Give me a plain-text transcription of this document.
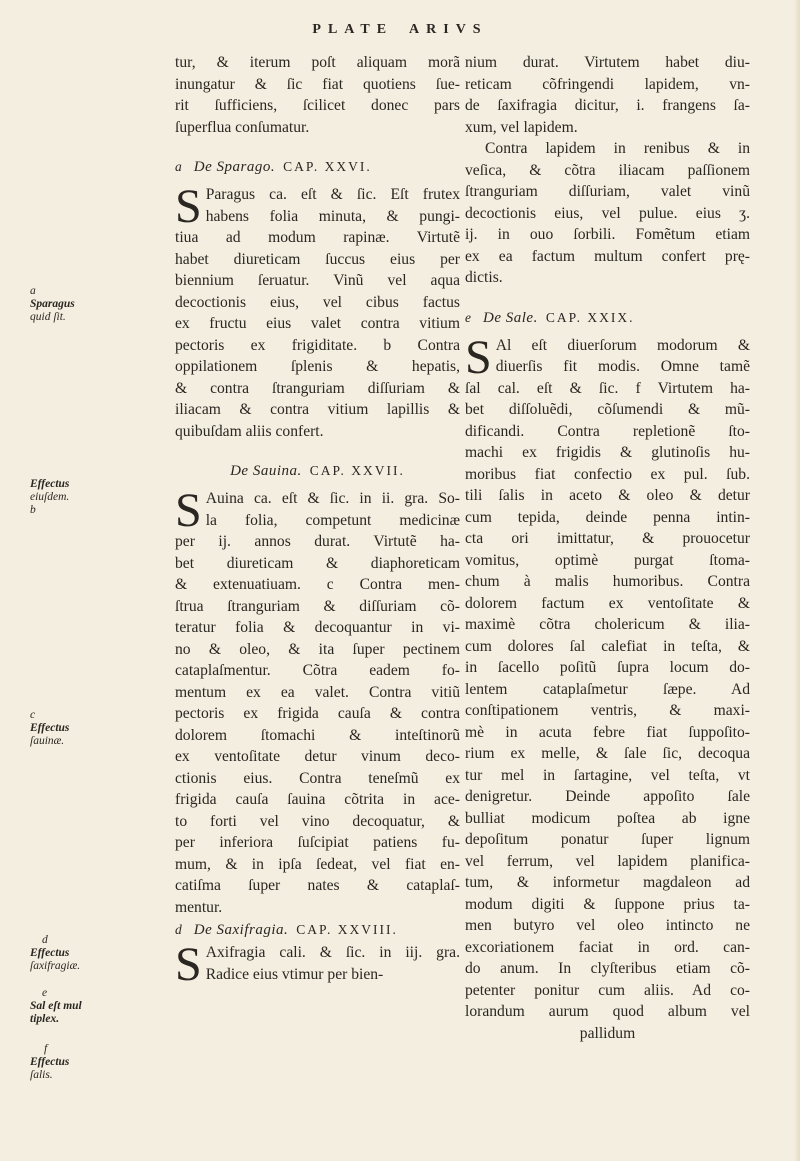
PLATE ARIVS
a
Sparagus
quid ſit.
Effectus
eiuſdem.
b
c
Effectus
ſauinæ.
d
Effectus
ſaxifragiæ.
e
Sal eſt mul
tiplex.
f
Effectus
ſalis.
tur, & iterum poſt aliquam morã
inungatur & ſic fiat quotiens ſue-
rit ſufficiens, ſcilicet donec pars
ſuperflua conſumatur.
a De Sparago. CAP. XXVI.
S Paragus ca. eſt & ſic. Eſt frutex
habens folia minuta, & pungi-
tiua ad modum rapinæ. Virtutẽ
habet diureticam ſuccus eius per
biennium ſeruatur. Vinũ vel aqua
decoctionis eius, vel cibus factus
ex fructu eius valet contra vitium
pectoris ex frigiditate. b Contra
oppilationem ſplenis & hepatis,
& contra ſtranguriam diſſuriam &
iliacam & contra vitium lapillis &
quibuſdam aliis confert.
De Sauina. CAP. XXVII.
S Auina ca. eſt & ſic. in ii. gra. So-
la folia, competunt medicinæ
per ij. annos durat. Virtutẽ ha-
bet diureticam & diaphoreticam
& extenuatiuam. c Contra men-
ſtrua ſtranguriam & diſſuriam cõ-
teratur folia & decoquantur in vi-
no & oleo, & ita ſuper pectinem
cataplaſmentur. Cõtra eadem fo-
mentum ex ea valet. Contra vitiũ
pectoris ex frigida cauſa & contra
dolorem ſtomachi & inteſtinorũ
ex ventoſitate detur vinum deco-
ctionis eius. Contra teneſmũ ex
frigida cauſa ſauina cõtrita in ace-
to forti vel vino decoquatur, &
per inferiora ſuſcipiat patiens fu-
mum, & in ipſa ſedeat, vel fiat en-
catiſma ſuper nates & cataplaſ-
mentur.
d De Saxifragia. CAP. XXVIII.
S Axifragia cali. & ſic. in iij. gra.
Radice eius vtimur per bien-
nium durat. Virtutem habet diu-
reticam cõfringendi lapidem, vn-
de ſaxifragia dicitur, i. frangens ſa-
xum, vel lapidem.
Contra lapidem in renibus & in
veſica, & cõtra iliacam paſſionem
ſtranguriam diſſuriam, valet vinũ
decoctionis eius, vel pulue. eius ʒ.
ij. in ouo ſorbili. Fomẽtum etiam
ex ea factum multum confert prę-
dictis.
e De Sale. CAP. XXIX.
S Al eſt diuerſorum modorum &
diuerſis fit modis. Omne tamẽ
ſal cal. eſt & ſic. f Virtutem ha-
bet diſſoluẽdi, cõſumendi & mũ-
dificandi. Contra repletionẽ ſto-
machi ex frigidis & glutinoſis hu-
moribus fiat confectio ex pul. ſub.
tili ſalis in aceto & oleo & detur
cum tepida, deinde penna intin-
cta ori imittatur, & prouocetur
vomitus, optimè purgat ſtoma-
chum à malis humoribus. Contra
dolorem factum ex ventoſitate &
maximè cõtra cholericum & ilia-
cum dolores ſal calefiat in teſta, &
in ſacello poſitũ ſupra locum do-
lentem cataplaſmetur ſæpe. Ad
conſtipationem ventris, & maxi-
mè in acuta febre fiat ſuppoſito-
rium ex melle, & ſale ſic, decoqua
tur mel in ſartagine, vel teſta, vt
denigretur. Deinde appoſito ſale
bulliat modicum poſtea ab igne
depoſitum ponatur ſuper lignum
vel ferrum, vel lapidem planifica-
tum, & informetur magdaleon ad
modum digiti & ſuppone prius ta-
men butyro vel oleo intincto ne
excoriationem faciat in ord. can-
do anum. In clyſteribus etiam cõ-
petenter ponitur cum aliis. Ad co-
lorandum aurum quod album vel
pallidum
